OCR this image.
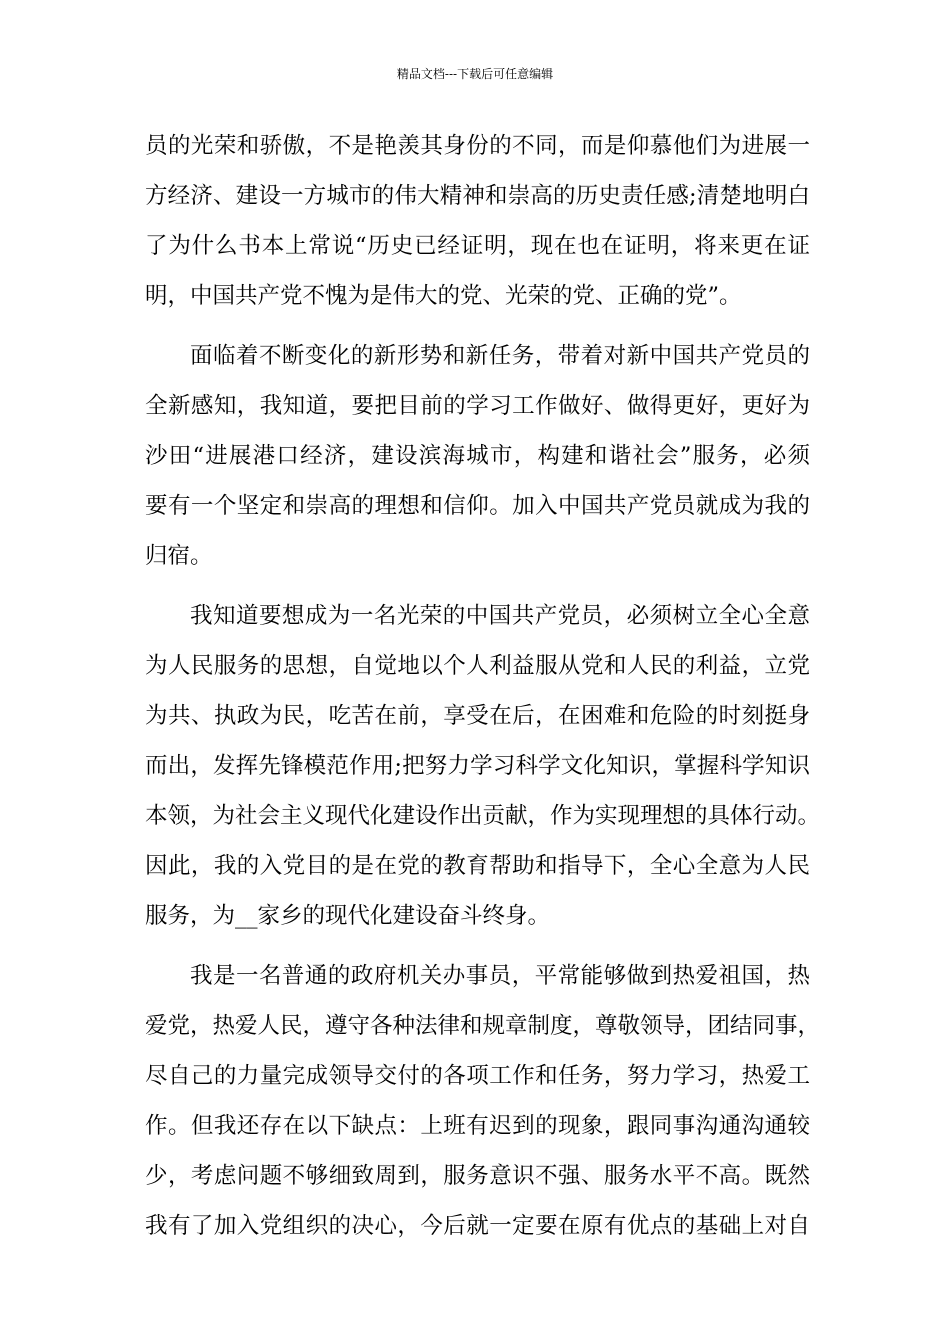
精品文档---下载后可任意编辑
员的光荣和骄傲，不是艳羡其身份的不同，而是仰慕他们为进展一
方经济、建设一方城市的伟大精神和崇高的历史责任感;清楚地明白
了为什么书本上常说“历史已经证明，现在也在证明，将来更在证
明，中国共产党不愧为是伟大的党、光荣的党、正确的党”。
面临着不断变化的新形势和新任务，带着对新中国共产党员的
全新感知，我知道，要把目前的学习工作做好、做得更好，更好为
沙田“进展港口经济，建设滨海城市，构建和谐社会”服务，必须
要有一个坚定和崇高的理想和信仰。加入中国共产党员就成为我的
归宿。
我知道要想成为一名光荣的中国共产党员，必须树立全心全意
为人民服务的思想，自觉地以个人利益服从党和人民的利益，立党
为共、执政为民，吃苦在前，享受在后，在困难和危险的时刻挺身
而出，发挥先锋模范作用;把努力学习科学文化知识，掌握科学知识
本领，为社会主义现代化建设作出贡献，作为实现理想的具体行动。
因此，我的入党目的是在党的教育帮助和指导下，全心全意为人民
服务，为__家乡的现代化建设奋斗终身。
我是一名普通的政府机关办事员，平常能够做到热爱祖国，热
爱党，热爱人民，遵守各种法律和规章制度，尊敬领导，团结同事，
尽自己的力量完成领导交付的各项工作和任务，努力学习，热爱工
作。但我还存在以下缺点：上班有迟到的现象，跟同事沟通沟通较
少，考虑问题不够细致周到，服务意识不强、服务水平不高。既然
我有了加入党组织的决心，今后就一定要在原有优点的基础上对自
